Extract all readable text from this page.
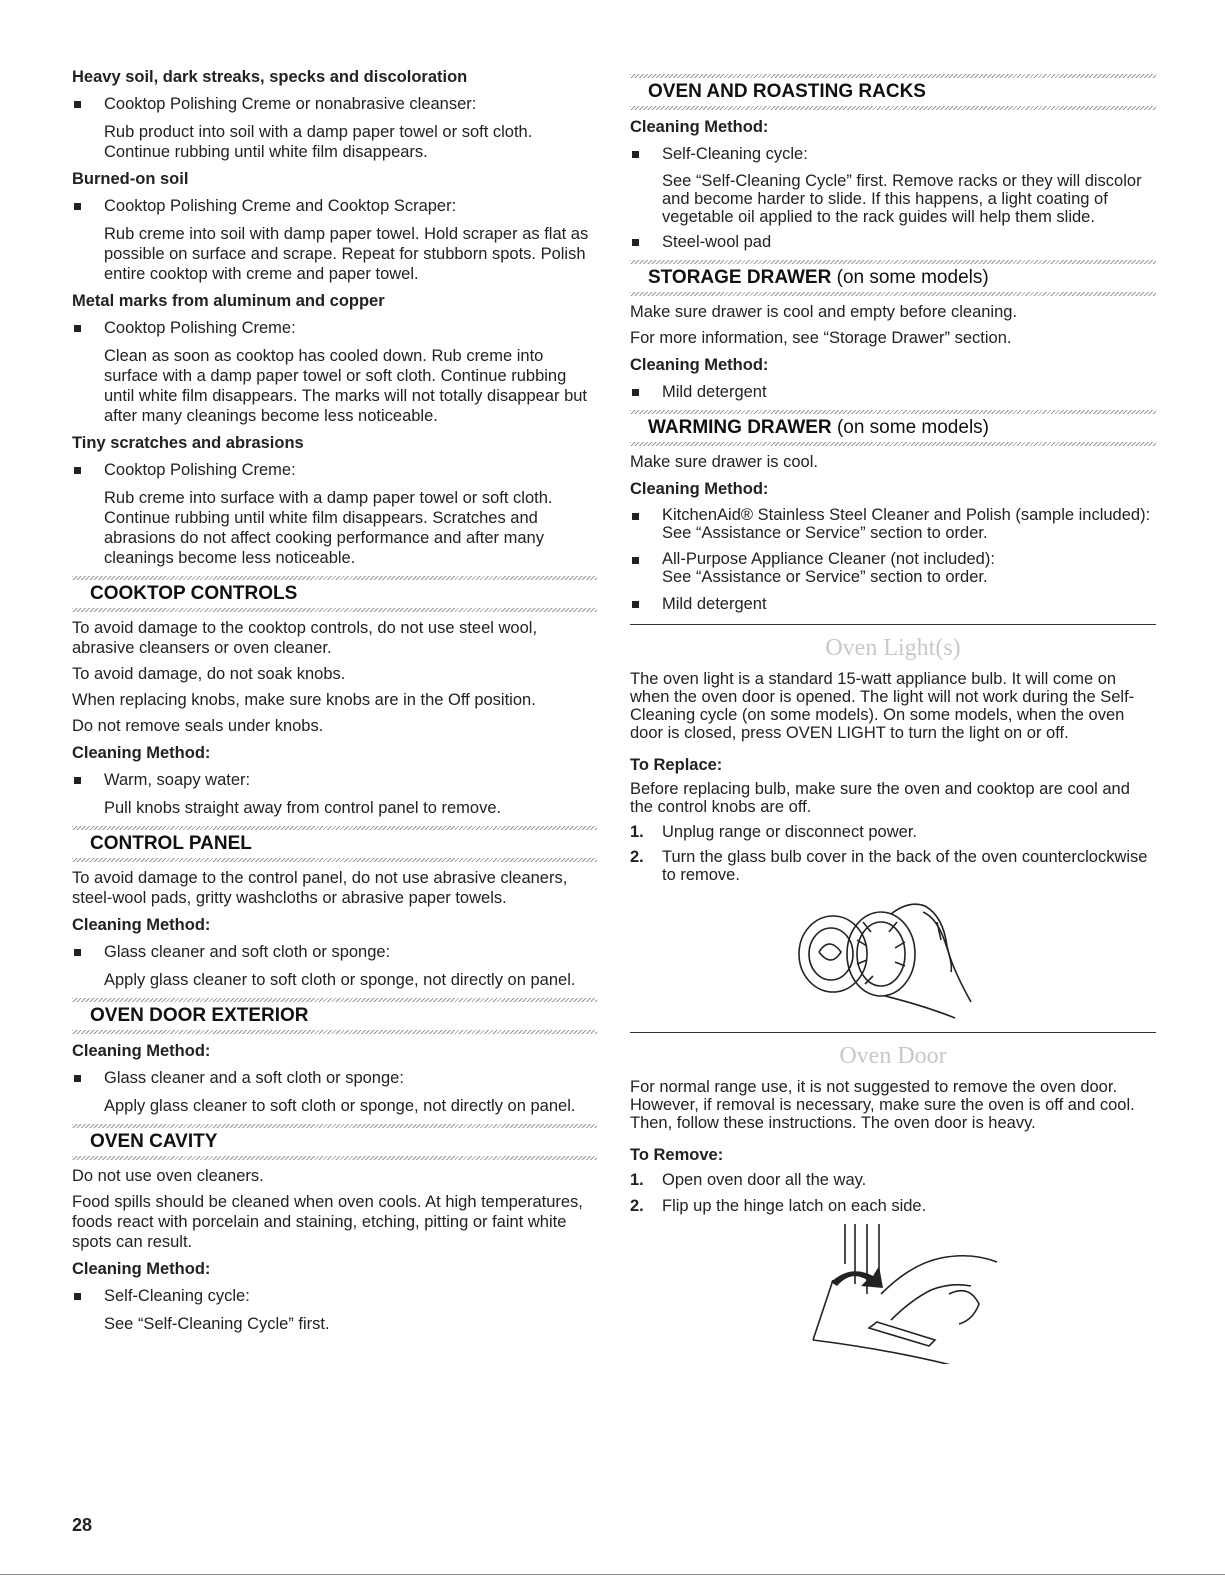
Heavy soil, dark streaks, specks and discoloration
Cooktop Polishing Creme or nonabrasive cleanser:
Rub product into soil with a damp paper towel or soft cloth. Continue rubbing until white film disappears.
Burned-on soil
Cooktop Polishing Creme and Cooktop Scraper:
Rub creme into soil with damp paper towel. Hold scraper as flat as possible on surface and scrape. Repeat for stubborn spots. Polish entire cooktop with creme and paper towel.
Metal marks from aluminum and copper
Cooktop Polishing Creme:
Clean as soon as cooktop has cooled down. Rub creme into surface with a damp paper towel or soft cloth. Continue rubbing until white film disappears. The marks will not totally disappear but after many cleanings become less noticeable.
Tiny scratches and abrasions
Cooktop Polishing Creme:
Rub creme into surface with a damp paper towel or soft cloth. Continue rubbing until white film disappears. Scratches and abrasions do not affect cooking performance and after many cleanings become less noticeable.
COOKTOP CONTROLS

To avoid damage to the cooktop controls, do not use steel wool, abrasive cleansers or oven cleaner.

To avoid damage, do not soak knobs.

When replacing knobs, make sure knobs are in the Off position.

Do not remove seals under knobs.

Cleaning Method:
Warm, soapy water:
Pull knobs straight away from control panel to remove.
CONTROL PANEL

To avoid damage to the control panel, do not use abrasive cleaners, steel-wool pads, gritty washcloths or abrasive paper towels.

Cleaning Method:
Glass cleaner and soft cloth or sponge:
Apply glass cleaner to soft cloth or sponge, not directly on panel.
OVEN DOOR EXTERIOR
Cleaning Method:
Glass cleaner and a soft cloth or sponge:
Apply glass cleaner to soft cloth or sponge, not directly on panel.
OVEN CAVITY

Do not use oven cleaners.

Food spills should be cleaned when oven cools. At high temperatures, foods react with porcelain and staining, etching, pitting or faint white spots can result.

Cleaning Method:
Self-Cleaning cycle:
See “Self-Cleaning Cycle” first.
OVEN AND ROASTING RACKS
Cleaning Method:
Self-Cleaning cycle:
See “Self-Cleaning Cycle” first. Remove racks or they will discolor and become harder to slide. If this happens, a light coating of vegetable oil applied to the rack guides will help them slide.
Steel-wool pad
STORAGE DRAWER (on some models)

Make sure drawer is cool and empty before cleaning.

For more information, see “Storage Drawer” section.

Cleaning Method:
Mild detergent
WARMING DRAWER (on some models)

Make sure drawer is cool.

Cleaning Method:
KitchenAid® Stainless Steel Cleaner and Polish (sample included):
See “Assistance or Service” section to order.
All-Purpose Appliance Cleaner (not included):
See “Assistance or Service” section to order.
Mild detergent
Oven Light(s)

The oven light is a standard 15-watt appliance bulb. It will come on when the oven door is opened. The light will not work during the Self-Cleaning cycle (on some models). On some models, when the oven door is closed, press OVEN LIGHT to turn the light on or off.

To Replace:

Before replacing bulb, make sure the oven and cooktop are cool and the control knobs are off.

1. Unplug range or disconnect power.
2. Turn the glass bulb cover in the back of the oven counterclockwise to remove.
Oven Door

For normal range use, it is not suggested to remove the oven door. However, if removal is necessary, make sure the oven is off and cool. Then, follow these instructions. The oven door is heavy.

To Remove:
1. Open oven door all the way.
2. Flip up the hinge latch on each side.
28
